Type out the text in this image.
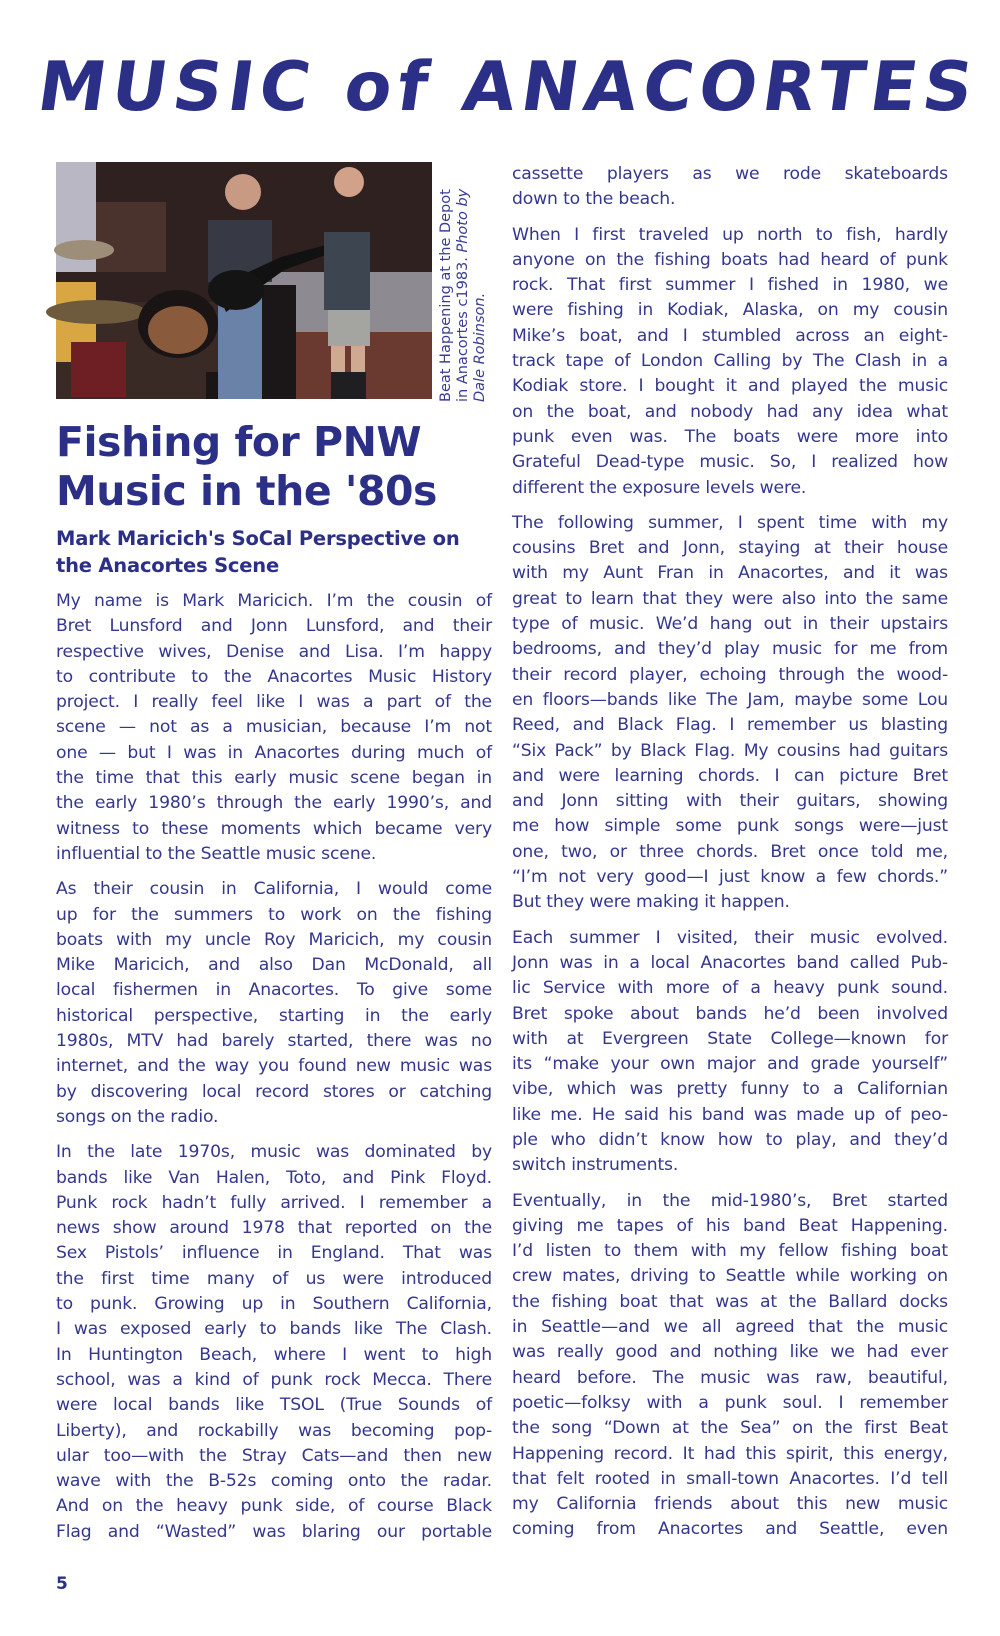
MUSIC of ANACORTES
Beat Happening at the Depot in Anacortes c1983. Photo by
Dale Robinson.
Fishing for PNW
Music in the '80s
Mark Maricich's SoCal Perspective on
the Anacortes Scene
My name is Mark Maricich. I’m the cousin of
Bret Lunsford and Jonn Lunsford, and their
respective wives, Denise and Lisa. I’m happy
to contribute to the Anacortes Music History
project. I really feel like I was a part of the
scene — not as a musician, because I’m not
one — but I was in Anacortes during much of
the time that this early music scene began in
the early 1980’s through the early 1990’s, and
witness to these moments which became very
influential to the Seattle music scene.
As their cousin in California, I would come
up for the summers to work on the fishing
boats with my uncle Roy Maricich, my cousin
Mike Maricich, and also Dan McDonald, all
local fishermen in Anacortes. To give some
historical perspective, starting in the early
1980s, MTV had barely started, there was no
internet, and the way you found new music was
by discovering local record stores or catching
songs on the radio.
In the late 1970s, music was dominated by
bands like Van Halen, Toto, and Pink Floyd.
Punk rock hadn’t fully arrived. I remember a
news show around 1978 that reported on the
Sex Pistols’ influence in England. That was
the first time many of us were introduced
to punk. Growing up in Southern California,
I was exposed early to bands like The Clash.
In Huntington Beach, where I went to high
school, was a kind of punk rock Mecca. There
were local bands like TSOL (True Sounds of
Liberty), and rockabilly was becoming pop-
ular too—with the Stray Cats—and then new
wave with the B-52s coming onto the radar.
And on the heavy punk side, of course Black
Flag and “Wasted” was blaring our portable
cassette players as we rode skateboards
down to the beach.
When I first traveled up north to fish, hardly
anyone on the fishing boats had heard of punk
rock. That first summer I fished in 1980, we
were fishing in Kodiak, Alaska, on my cousin
Mike’s boat, and I stumbled across an eight-
track tape of London Calling by The Clash in a
Kodiak store. I bought it and played the music
on the boat, and nobody had any idea what
punk even was. The boats were more into
Grateful Dead-type music. So, I realized how
different the exposure levels were.
The following summer, I spent time with my
cousins Bret and Jonn, staying at their house
with my Aunt Fran in Anacortes, and it was
great to learn that they were also into the same
type of music. We’d hang out in their upstairs
bedrooms, and they’d play music for me from
their record player, echoing through the wood-
en floors—bands like The Jam, maybe some Lou
Reed, and Black Flag. I remember us blasting
“Six Pack” by Black Flag. My cousins had guitars
and were learning chords. I can picture Bret
and Jonn sitting with their guitars, showing
me how simple some punk songs were—just
one, two, or three chords. Bret once told me,
“I’m not very good—I just know a few chords.”
But they were making it happen.
Each summer I visited, their music evolved.
Jonn was in a local Anacortes band called Pub-
lic Service with more of a heavy punk sound.
Bret spoke about bands he’d been involved
with at Evergreen State College—known for
its “make your own major and grade yourself”
vibe, which was pretty funny to a Californian
like me. He said his band was made up of peo-
ple who didn’t know how to play, and they’d
switch instruments.
Eventually, in the mid-1980’s, Bret started
giving me tapes of his band Beat Happening.
I’d listen to them with my fellow fishing boat
crew mates, driving to Seattle while working on
the fishing boat that was at the Ballard docks
in Seattle—and we all agreed that the music
was really good and nothing like we had ever
heard before. The music was raw, beautiful,
poetic—folksy with a punk soul. I remember
the song “Down at the Sea” on the first Beat
Happening record. It had this spirit, this energy,
that felt rooted in small-town Anacortes. I’d tell
my California friends about this new music
coming from Anacortes and Seattle, even
5
